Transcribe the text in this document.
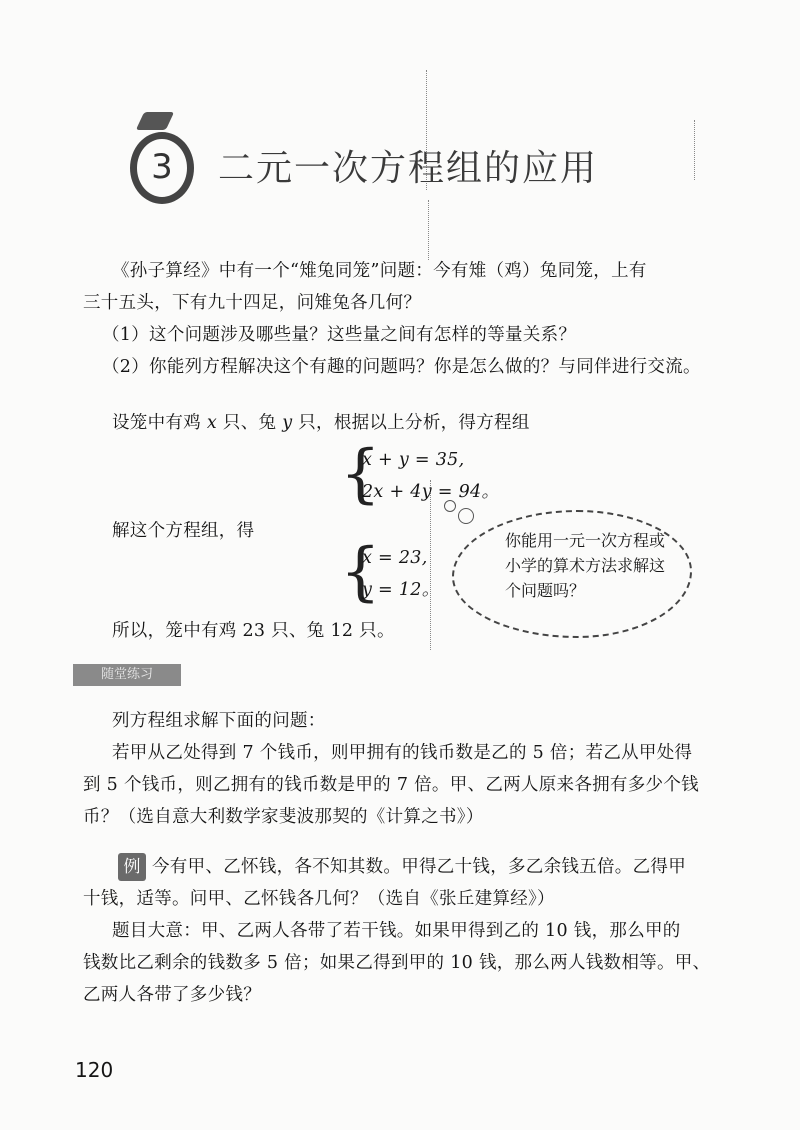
3	二元一次方程组的应用
《孙子算经》中有一个“雉兔同笼”问题：今有雉（鸡）兔同笼，上有
三十五头，下有九十四足，问雉兔各几何？
（1）这个问题涉及哪些量？这些量之间有怎样的等量关系？
（2）你能列方程解决这个有趣的问题吗？你是怎么做的？与同伴进行交流。
设笼中有鸡 x 只、兔 y 只，根据以上分析，得方程组
{
x + y = 35,
2x + 4y = 94。
解这个方程组，得
{
x = 23,
y = 12。
你能用一元一次方程或小学的算术方法求解这个问题吗？
所以，笼中有鸡 23 只、兔 12 只。
随堂练习
列方程组求解下面的问题：
若甲从乙处得到 7 个钱币，则甲拥有的钱币数是乙的 5 倍；若乙从甲处得
到 5 个钱币，则乙拥有的钱币数是甲的 7 倍。甲、乙两人原来各拥有多少个钱
币？（选自意大利数学家斐波那契的《计算之书》）
例 今有甲、乙怀钱，各不知其数。甲得乙十钱，多乙余钱五倍。乙得甲
十钱，适等。问甲、乙怀钱各几何？（选自《张丘建算经》）
题目大意：甲、乙两人各带了若干钱。如果甲得到乙的 10 钱，那么甲的
钱数比乙剩余的钱数多 5 倍；如果乙得到甲的 10 钱，那么两人钱数相等。甲、
乙两人各带了多少钱？
120
